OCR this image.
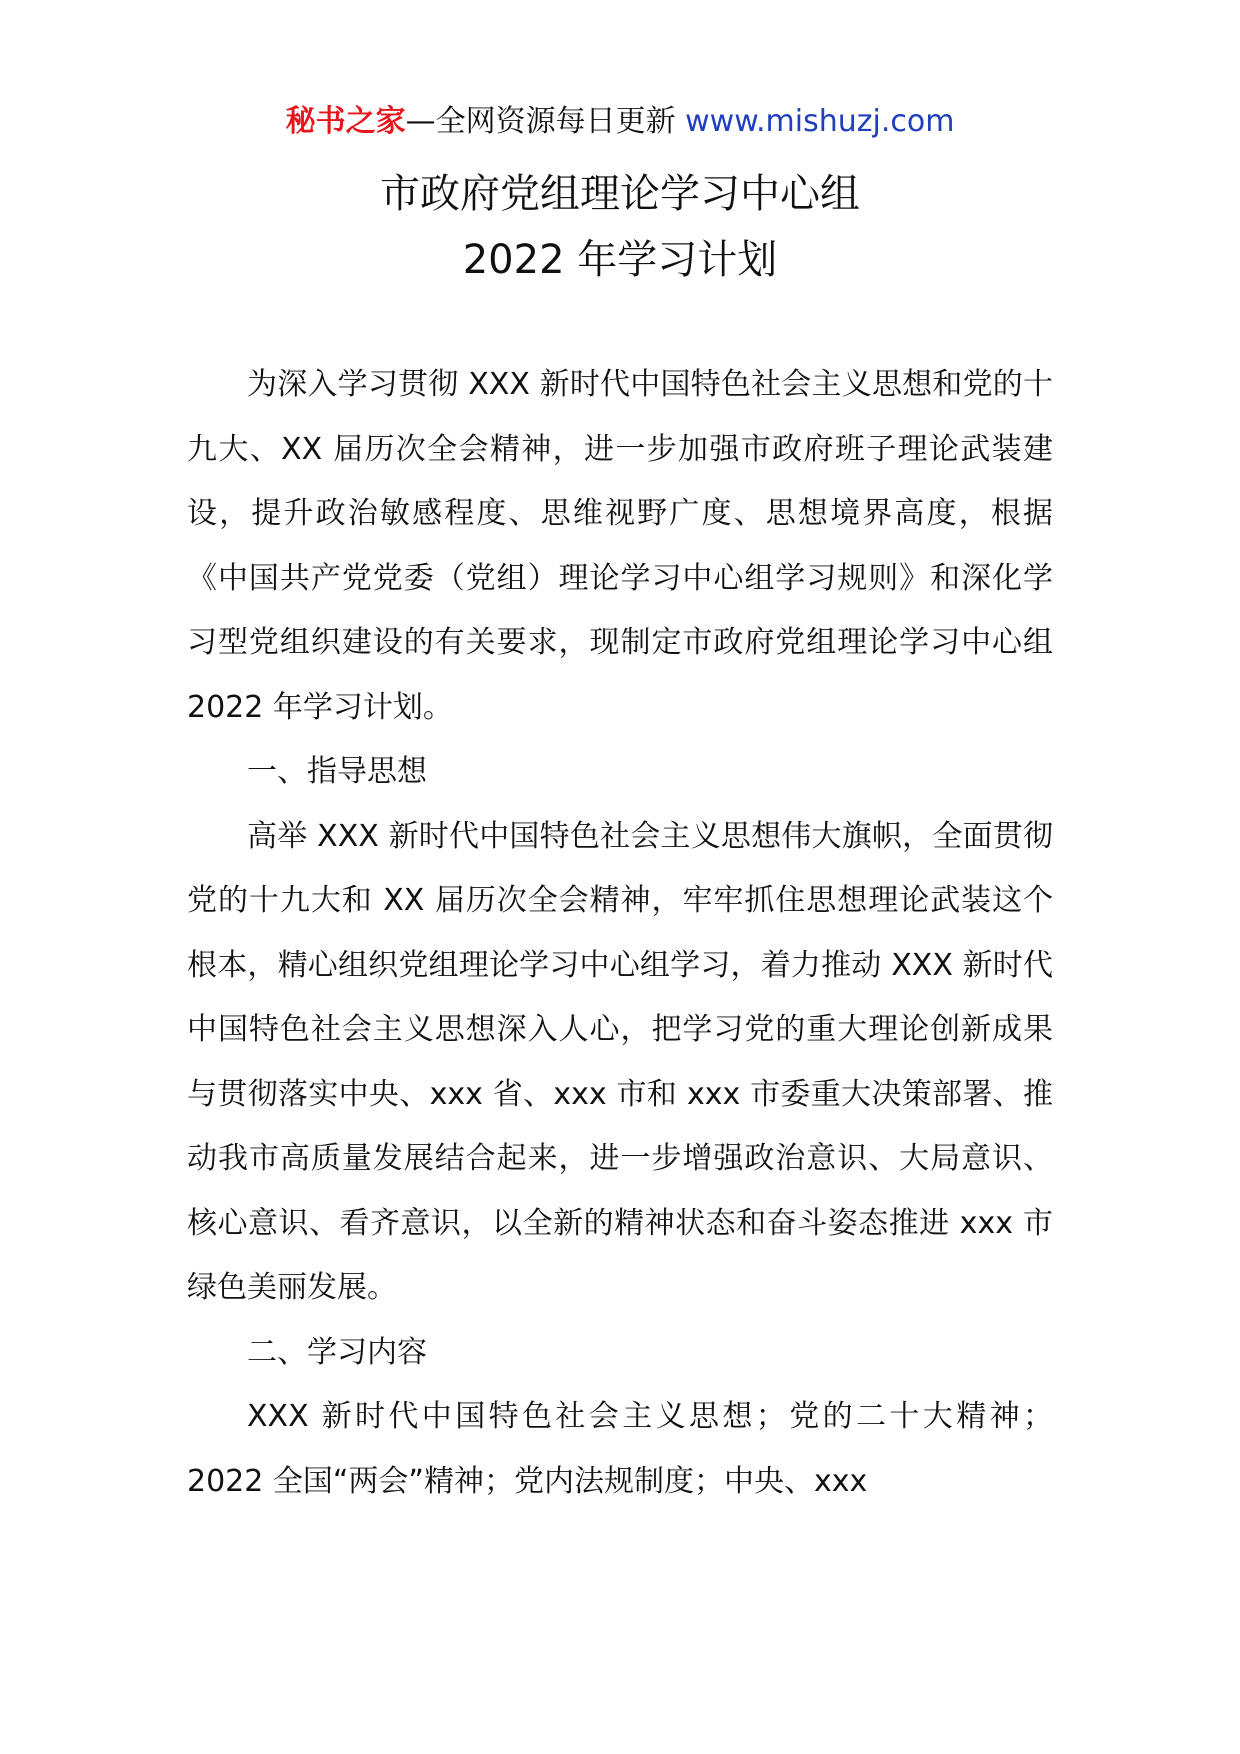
秘书之家—全网资源每日更新 www.mishuzj.com
市政府党组理论学习中心组
2022 年学习计划

为深入学习贯彻 XXX 新时代中国特色社会主义思想和党的十九大、XX 届历次全会精神，进一步加强市政府班子理论武装建设，提升政治敏感程度、思维视野广度、思想境界高度，根据《中国共产党党委（党组）理论学习中心组学习规则》和深化学习型党组织建设的有关要求，现制定市政府党组理论学习中心组 2022 年学习计划。

一、指导思想

高举 XXX 新时代中国特色社会主义思想伟大旗帜，全面贯彻党的十九大和 XX 届历次全会精神，牢牢抓住思想理论武装这个根本，精心组织党组理论学习中心组学习，着力推动 XXX 新时代中国特色社会主义思想深入人心，把学习党的重大理论创新成果与贯彻落实中央、xxx 省、xxx 市和 xxx 市委重大决策部署、推动我市高质量发展结合起来，进一步增强政治意识、大局意识、核心意识、看齐意识，以全新的精神状态和奋斗姿态推进 xxx 市绿色美丽发展。

二、学习内容

XXX 新时代中国特色社会主义思想；党的二十大精神；2022 全国“两会”精神；党内法规制度；中央、xxx
